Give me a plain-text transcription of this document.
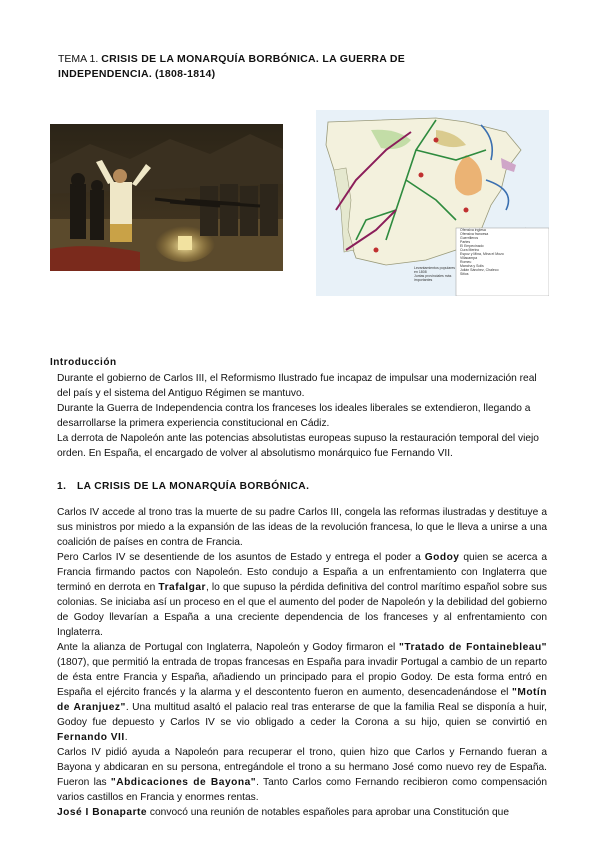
TEMA 1. CRISIS DE LA MONARQUÍA BORBÓNICA. LA GUERRA DE INDEPENDENCIA. (1808-1814)
Ofensiva inglesa
Ofensiva francesa
Guerrilleros
Partes
El Empecinado
Cura Merino
Espoz y Mina, Mina el Mozo
Villacampa
Romeu
Mancha y Solis
Julián Sánchez, Chaleco
Sitios
Levantamientos populares en 1808
Juntas provinciales más importantes
Introducción

Durante el gobierno de Carlos III, el Reformismo Ilustrado fue incapaz de impulsar una modernización real del país y el sistema del Antiguo Régimen se mantuvo.

Durante la Guerra de Independencia contra los franceses los ideales liberales se extendieron, llegando a desarrollarse la primera experiencia constitucional en Cádiz.

La derrota de Napoleón ante las potencias absolutistas europeas supuso la restauración temporal del viejo orden. En España, el encargado de volver al absolutismo monárquico fue Fernando VII.

1. LA CRISIS DE LA MONARQUÍA BORBÓNICA.

Carlos IV accede al trono tras la muerte de su padre Carlos III, congela las reformas ilustradas y destituye a sus ministros por miedo a la expansión de las ideas de la revolución francesa, lo que le lleva a unirse a una coalición de países en contra de Francia.

Pero Carlos IV se desentiende de los asuntos de Estado y entrega el poder a Godoy quien se acerca a Francia firmando pactos con Napoleón. Esto condujo a España a un enfrentamiento con Inglaterra que terminó en derrota en Trafalgar, lo que supuso la pérdida definitiva del control marítimo español sobre sus colonias. Se iniciaba así un proceso en el que el aumento del poder de Napoleón y la debilidad del gobierno de Godoy llevarían a España a una creciente dependencia de los franceses y al enfrentamiento con Inglaterra.

Ante la alianza de Portugal con Inglaterra, Napoleón y Godoy firmaron el "Tratado de Fontainebleau" (1807), que permitió la entrada de tropas francesas en España para invadir Portugal a cambio de un reparto de ésta entre Francia y España, añadiendo un principado para el propio Godoy. De esta forma entró en España el ejército francés y la alarma y el descontento fueron en aumento, desencadenándose el "Motín de Aranjuez". Una multitud asaltó el palacio real tras enterarse de que la familia Real se disponía a huir, Godoy fue depuesto y Carlos IV se vio obligado a ceder la Corona a su hijo, quien se convirtió en Fernando VII.

Carlos IV pidió ayuda a Napoleón para recuperar el trono, quien hizo que Carlos y Fernando fueran a Bayona y abdicaran en su persona, entregándole el trono a su hermano José como nuevo rey de España. Fueron las "Abdicaciones de Bayona". Tanto Carlos como Fernando recibieron como compensación varios castillos en Francia y enormes rentas.

José I Bonaparte convocó una reunión de notables españoles para aprobar una Constitución que
